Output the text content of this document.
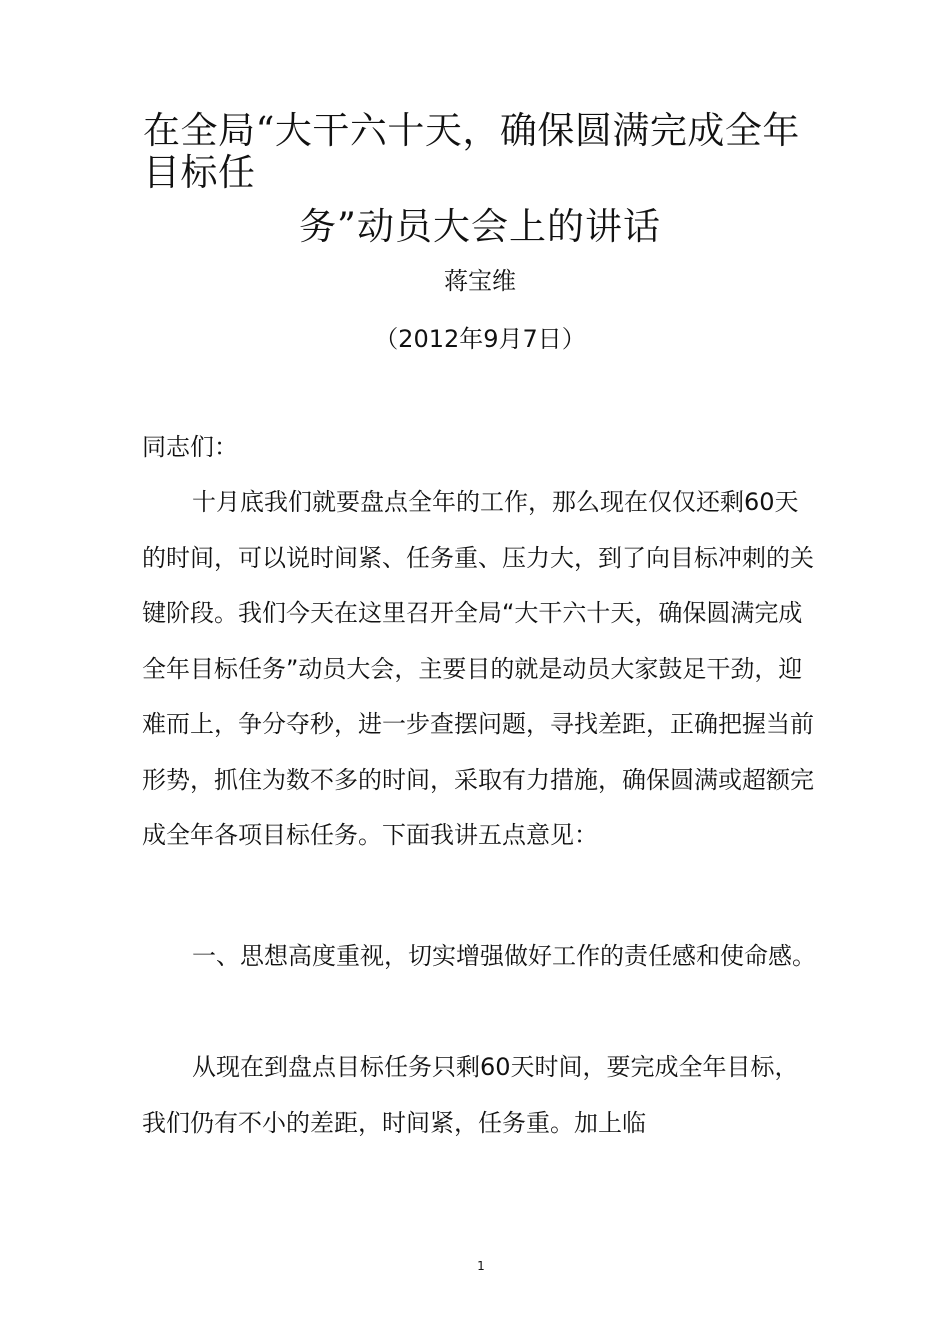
在全局“大干六十天，确保圆满完成全年目标任
务”动员大会上的讲话
蒋宝维
（2012年9月7日）

同志们：

十月底我们就要盘点全年的工作，那么现在仅仅还剩60天的时间，可以说时间紧、任务重、压力大，到了向目标冲刺的关键阶段。我们今天在这里召开全局“大干六十天，确保圆满完成全年目标任务”动员大会，主要目的就是动员大家鼓足干劲，迎难而上，争分夺秒，进一步查摆问题，寻找差距，正确把握当前形势，抓住为数不多的时间，采取有力措施，确保圆满或超额完成全年各项目标任务。下面我讲五点意见：

一、思想高度重视，切实增强做好工作的责任感和使命感。

从现在到盘点目标任务只剩60天时间，要完成全年目标，我们仍有不小的差距，时间紧，任务重。加上临

1
